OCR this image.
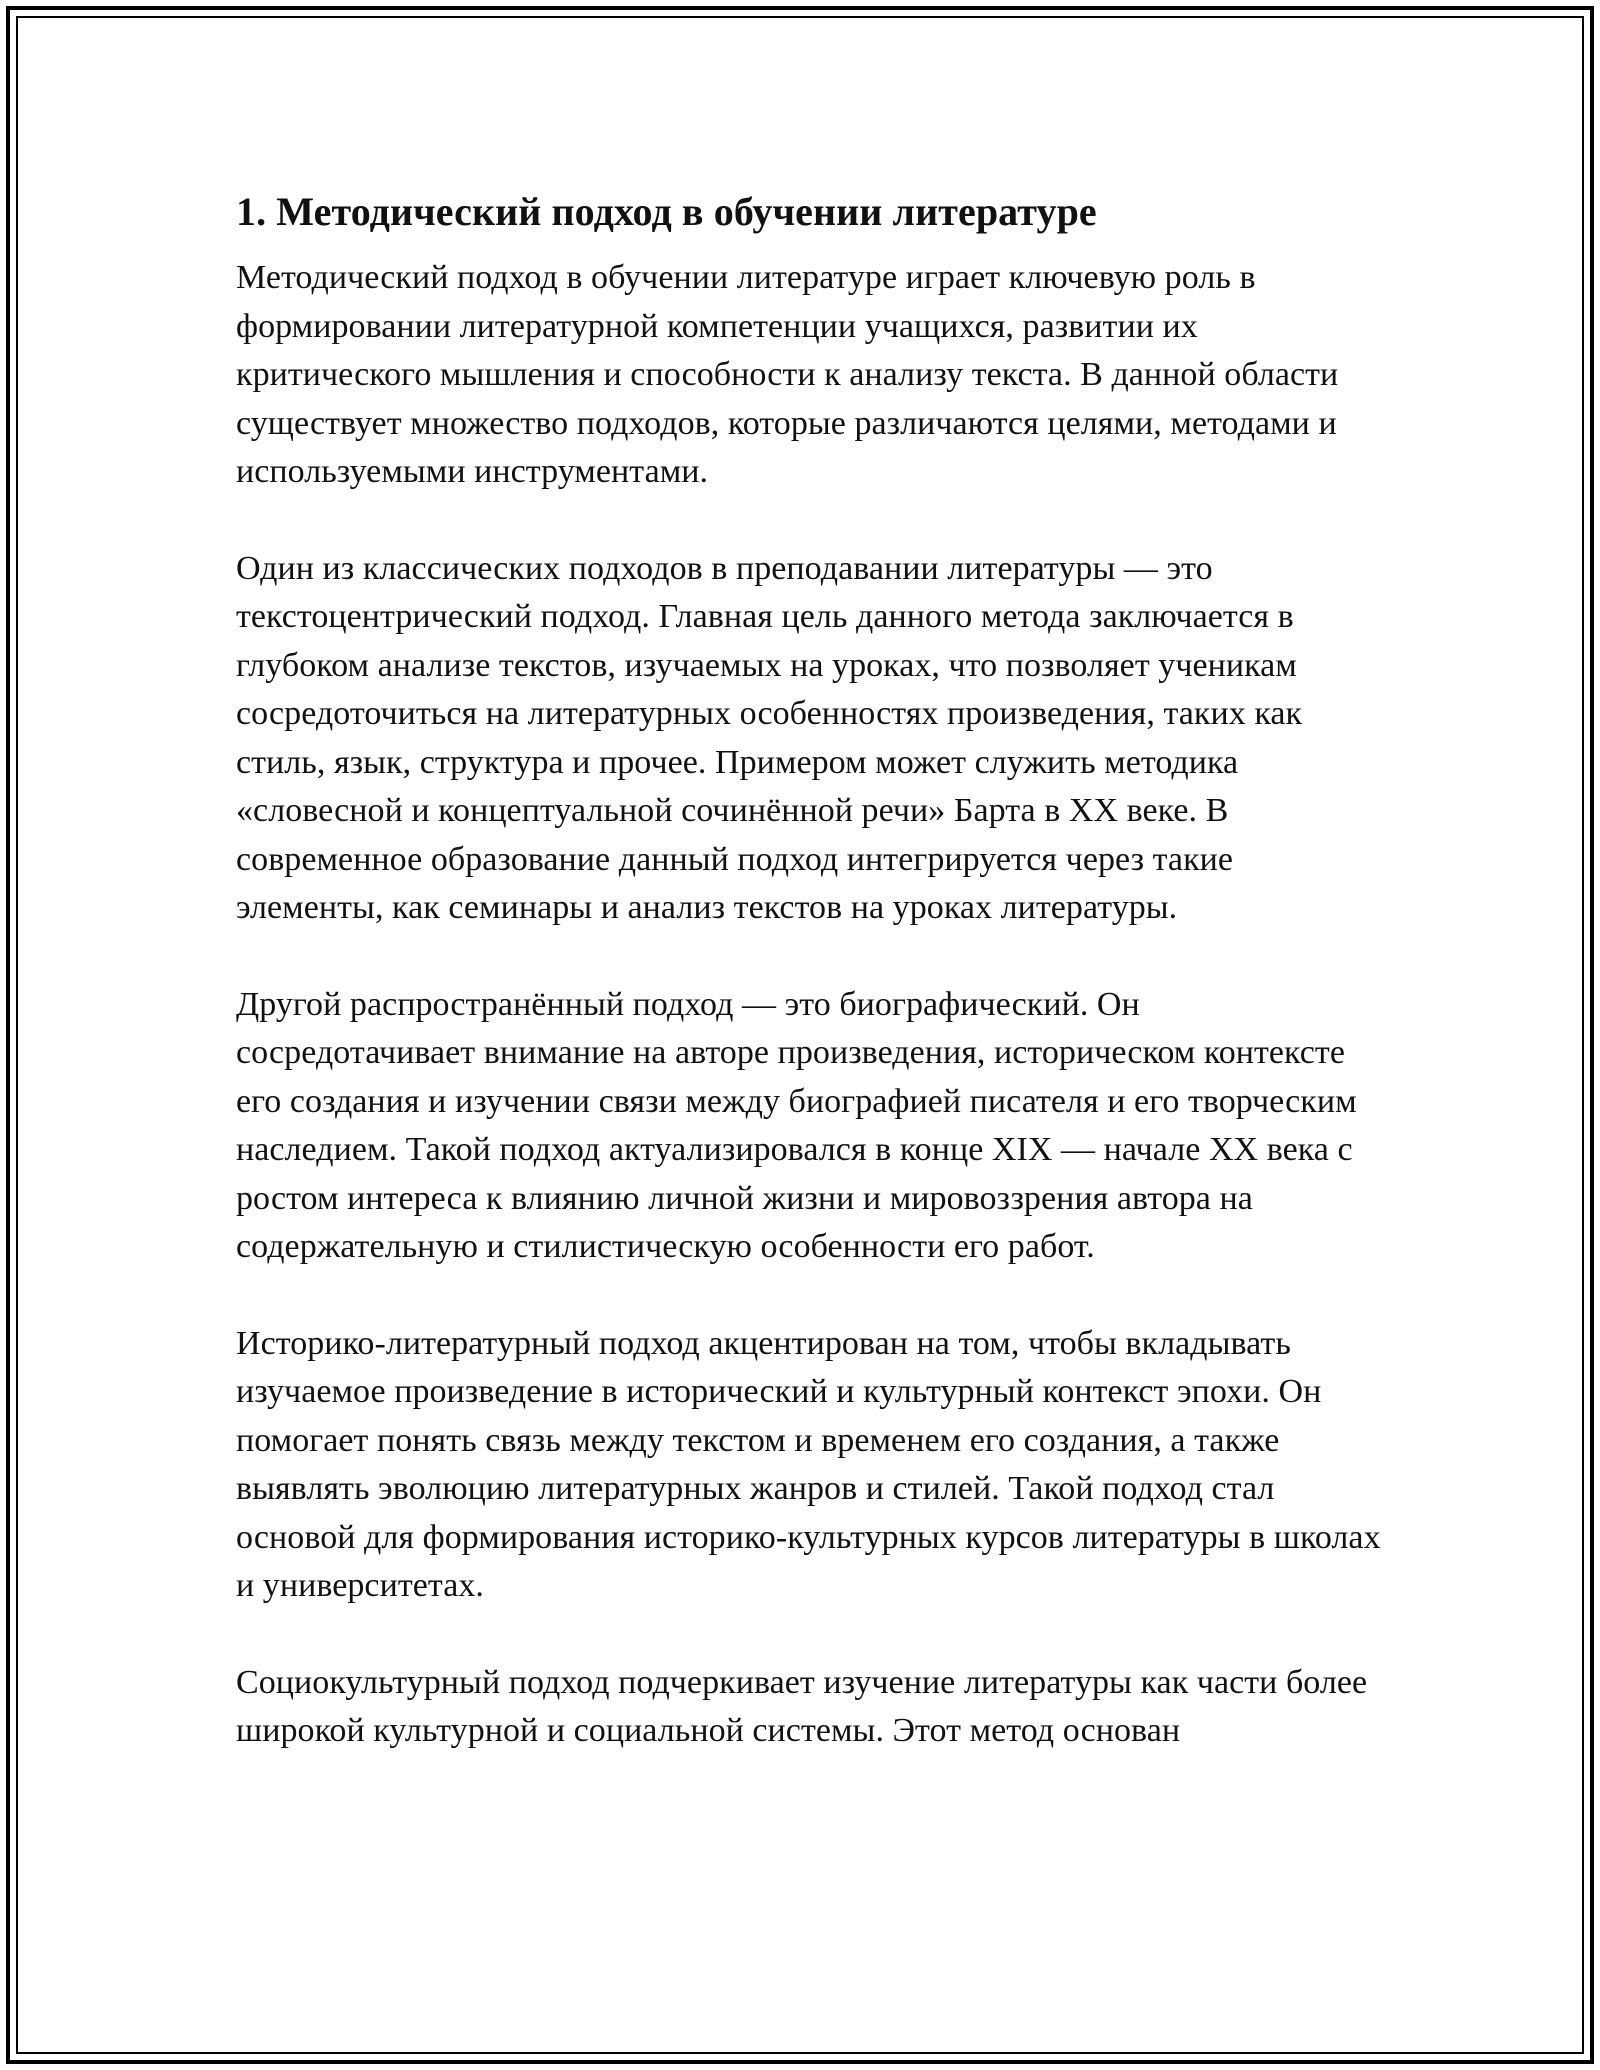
1. Методический подход в обучении литературе

Методический подход в обучении литературе играет ключевую роль в формировании литературной компетенции учащихся, развитии их критического мышления и способности к анализу текста. В данной области существует множество подходов, которые различаются целями, методами и используемыми инструментами.

Один из классических подходов в преподавании литературы — это текстоцентрический подход. Главная цель данного метода заключается в глубоком анализе текстов, изучаемых на уроках, что позволяет ученикам сосредоточиться на литературных особенностях произведения, таких как стиль, язык, структура и прочее. Примером может служить методика «словесной и концептуальной сочинённой речи» Барта в XX веке. В современное образование данный подход интегрируется через такие элементы, как семинары и анализ текстов на уроках литературы.

Другой распространённый подход — это биографический. Он сосредотачивает внимание на авторе произведения, историческом контексте его создания и изучении связи между биографией писателя и его творческим наследием. Такой подход актуализировался в конце XIX — начале XX века с ростом интереса к влиянию личной жизни и мировоззрения автора на содержательную и стилистическую особенности его работ.

Историко-литературный подход акцентирован на том, чтобы вкладывать изучаемое произведение в исторический и культурный контекст эпохи. Он помогает понять связь между текстом и временем его создания, а также выявлять эволюцию литературных жанров и стилей. Такой подход стал основой для формирования историко-культурных курсов литературы в школах и университетах.

Социокультурный подход подчеркивает изучение литературы как части более широкой культурной и социальной системы. Этот метод основан
